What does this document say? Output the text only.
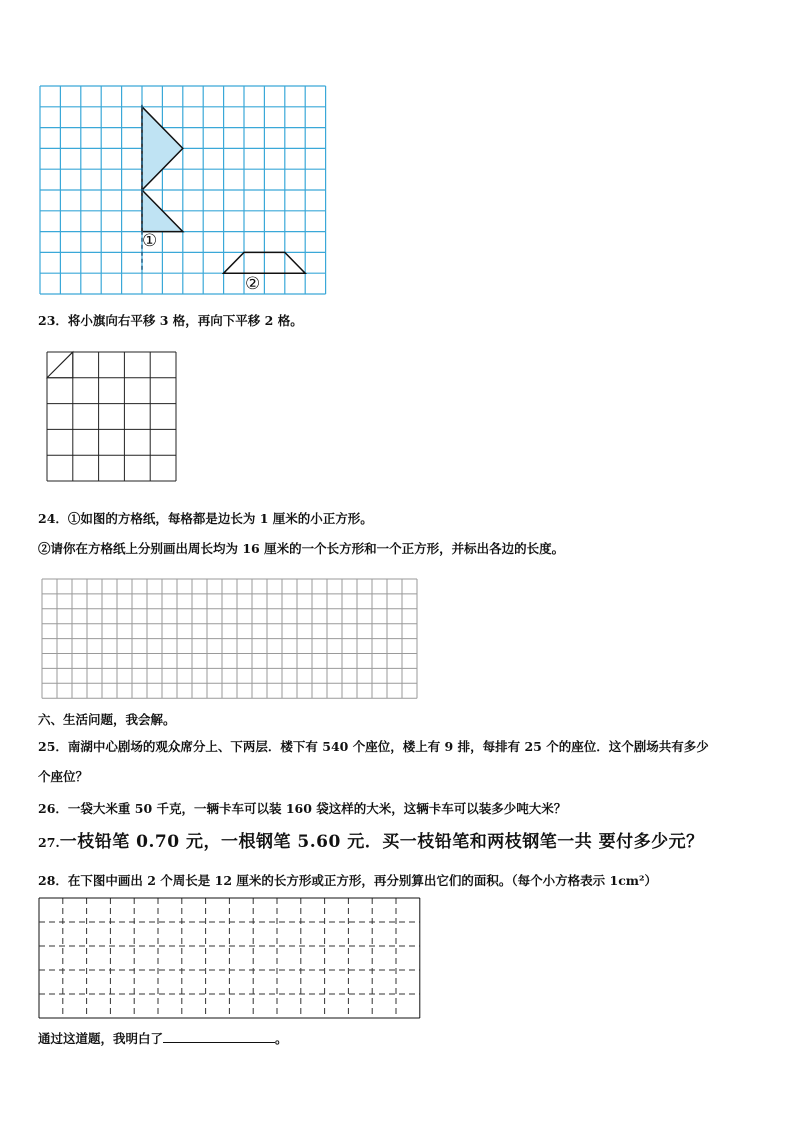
①
②
23．将小旗向右平移 3 格，再向下平移 2 格。
24．①如图的方格纸，每格都是边长为 1 厘米的小正方形。
②请你在方格纸上分别画出周长均为 16 厘米的一个长方形和一个正方形，并标出各边的长度。
六、生活问题，我会解。
25．南湖中心剧场的观众席分上、下两层．楼下有 540 个座位，楼上有 9 排，每排有 25 个的座位．这个剧场共有多少
个座位？
26．一袋大米重 50 千克，一辆卡车可以装 160 袋这样的大米，这辆卡车可以装多少吨大米？
27.一枝铅笔 0.70 元，一根钢笔 5.60 元．买一枝铅笔和两枝钢笔一共 要付多少元？
28．在下图中画出 2 个周长是 12 厘米的长方形或正方形，再分别算出它们的面积。（每个小方格表示 1cm²）
通过这道题，我明白了	。
